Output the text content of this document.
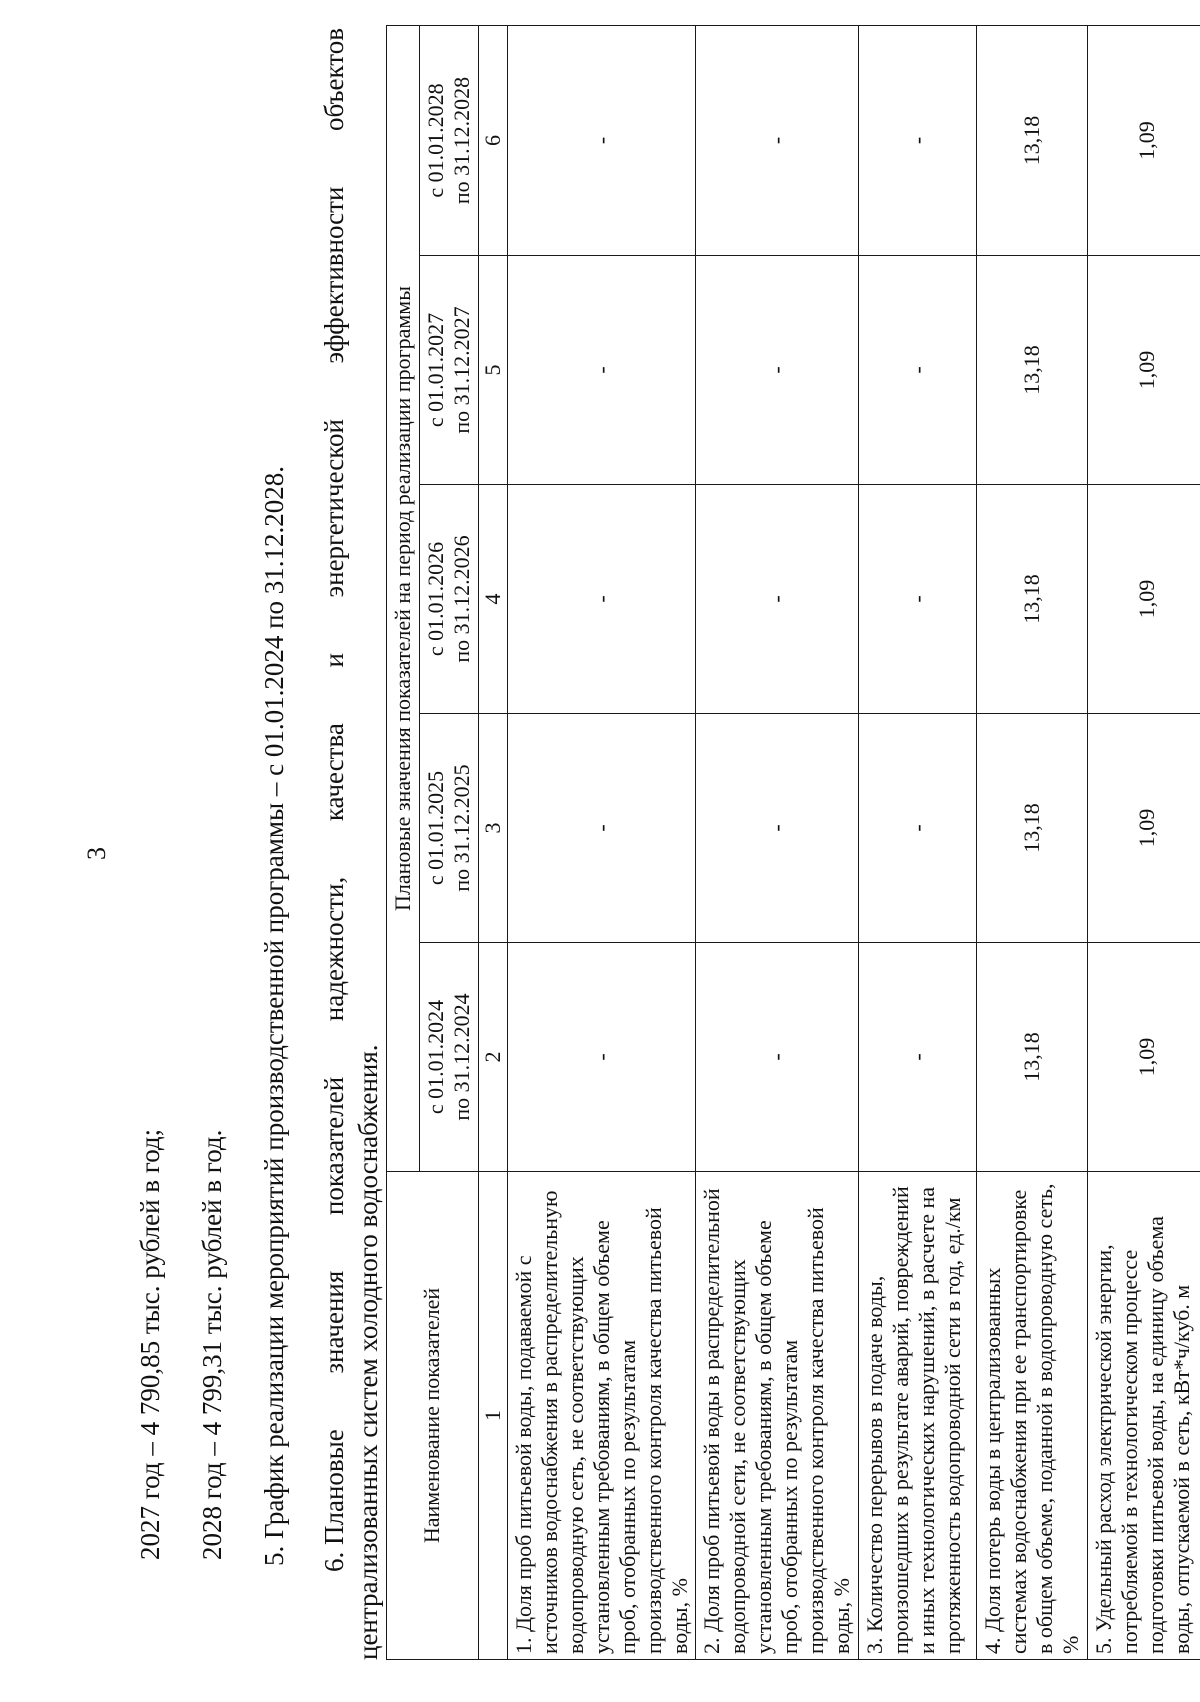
3
2027 год – 4 790,85 тыс. рублей в год; 2028 год – 4 799,31 тыс. рублей в год. 5. График реализации мероприятий производственной программы – с 01.01.2024 по 31.12.2028. 6. Плановые
значения
показателей
надежности,
качества
и
энергетической
эффективности
объектов
централизованных систем холодного водоснабжения. Наименование показателей	Плановые значения показателей на период реализации программы				

	с 01.01.2024 по 31.12.2024	с 01.01.2025 по 31.12.2025	с 01.01.2026 по 31.12.2026	с 01.01.2027 по 31.12.2027	с 01.01.2028 по 31.12.2028

1	2	3	4	5	6
1. Доля проб питьевой воды, подаваемой с источников водоснабжения в распределительную водопроводную сеть, не соответствующих установленным требованиям, в общем объеме проб, отобранных по результатам производственного контроля качества питьевой воды, %	-	-	-	-	-
2. Доля проб питьевой воды в распределительной водопроводной сети, не соответствующих установленным требованиям, в общем объеме проб, отобранных по результатам производственного контроля качества питьевой воды, %	-	-	-	-	-
3. Количество перерывов в подаче воды, произошедших в результате аварий, повреждений и иных технологических нарушений, в расчете на протяженность водопроводной сети в год, ед./км	-	-	-	-	-
4. Доля потерь воды в централизованных системах водоснабжения при ее транспортировке в общем объеме, поданной в водопроводную сеть, %	13,18	13,18	13,18	13,18	13,18
5. Удельный расход электрической энергии, потребляемой в технологическом процессе подготовки питьевой воды, на единицу объема воды, отпускаемой в сеть, кВт*ч/куб. м	1,09	1,09	1,09	1,09	1,09
